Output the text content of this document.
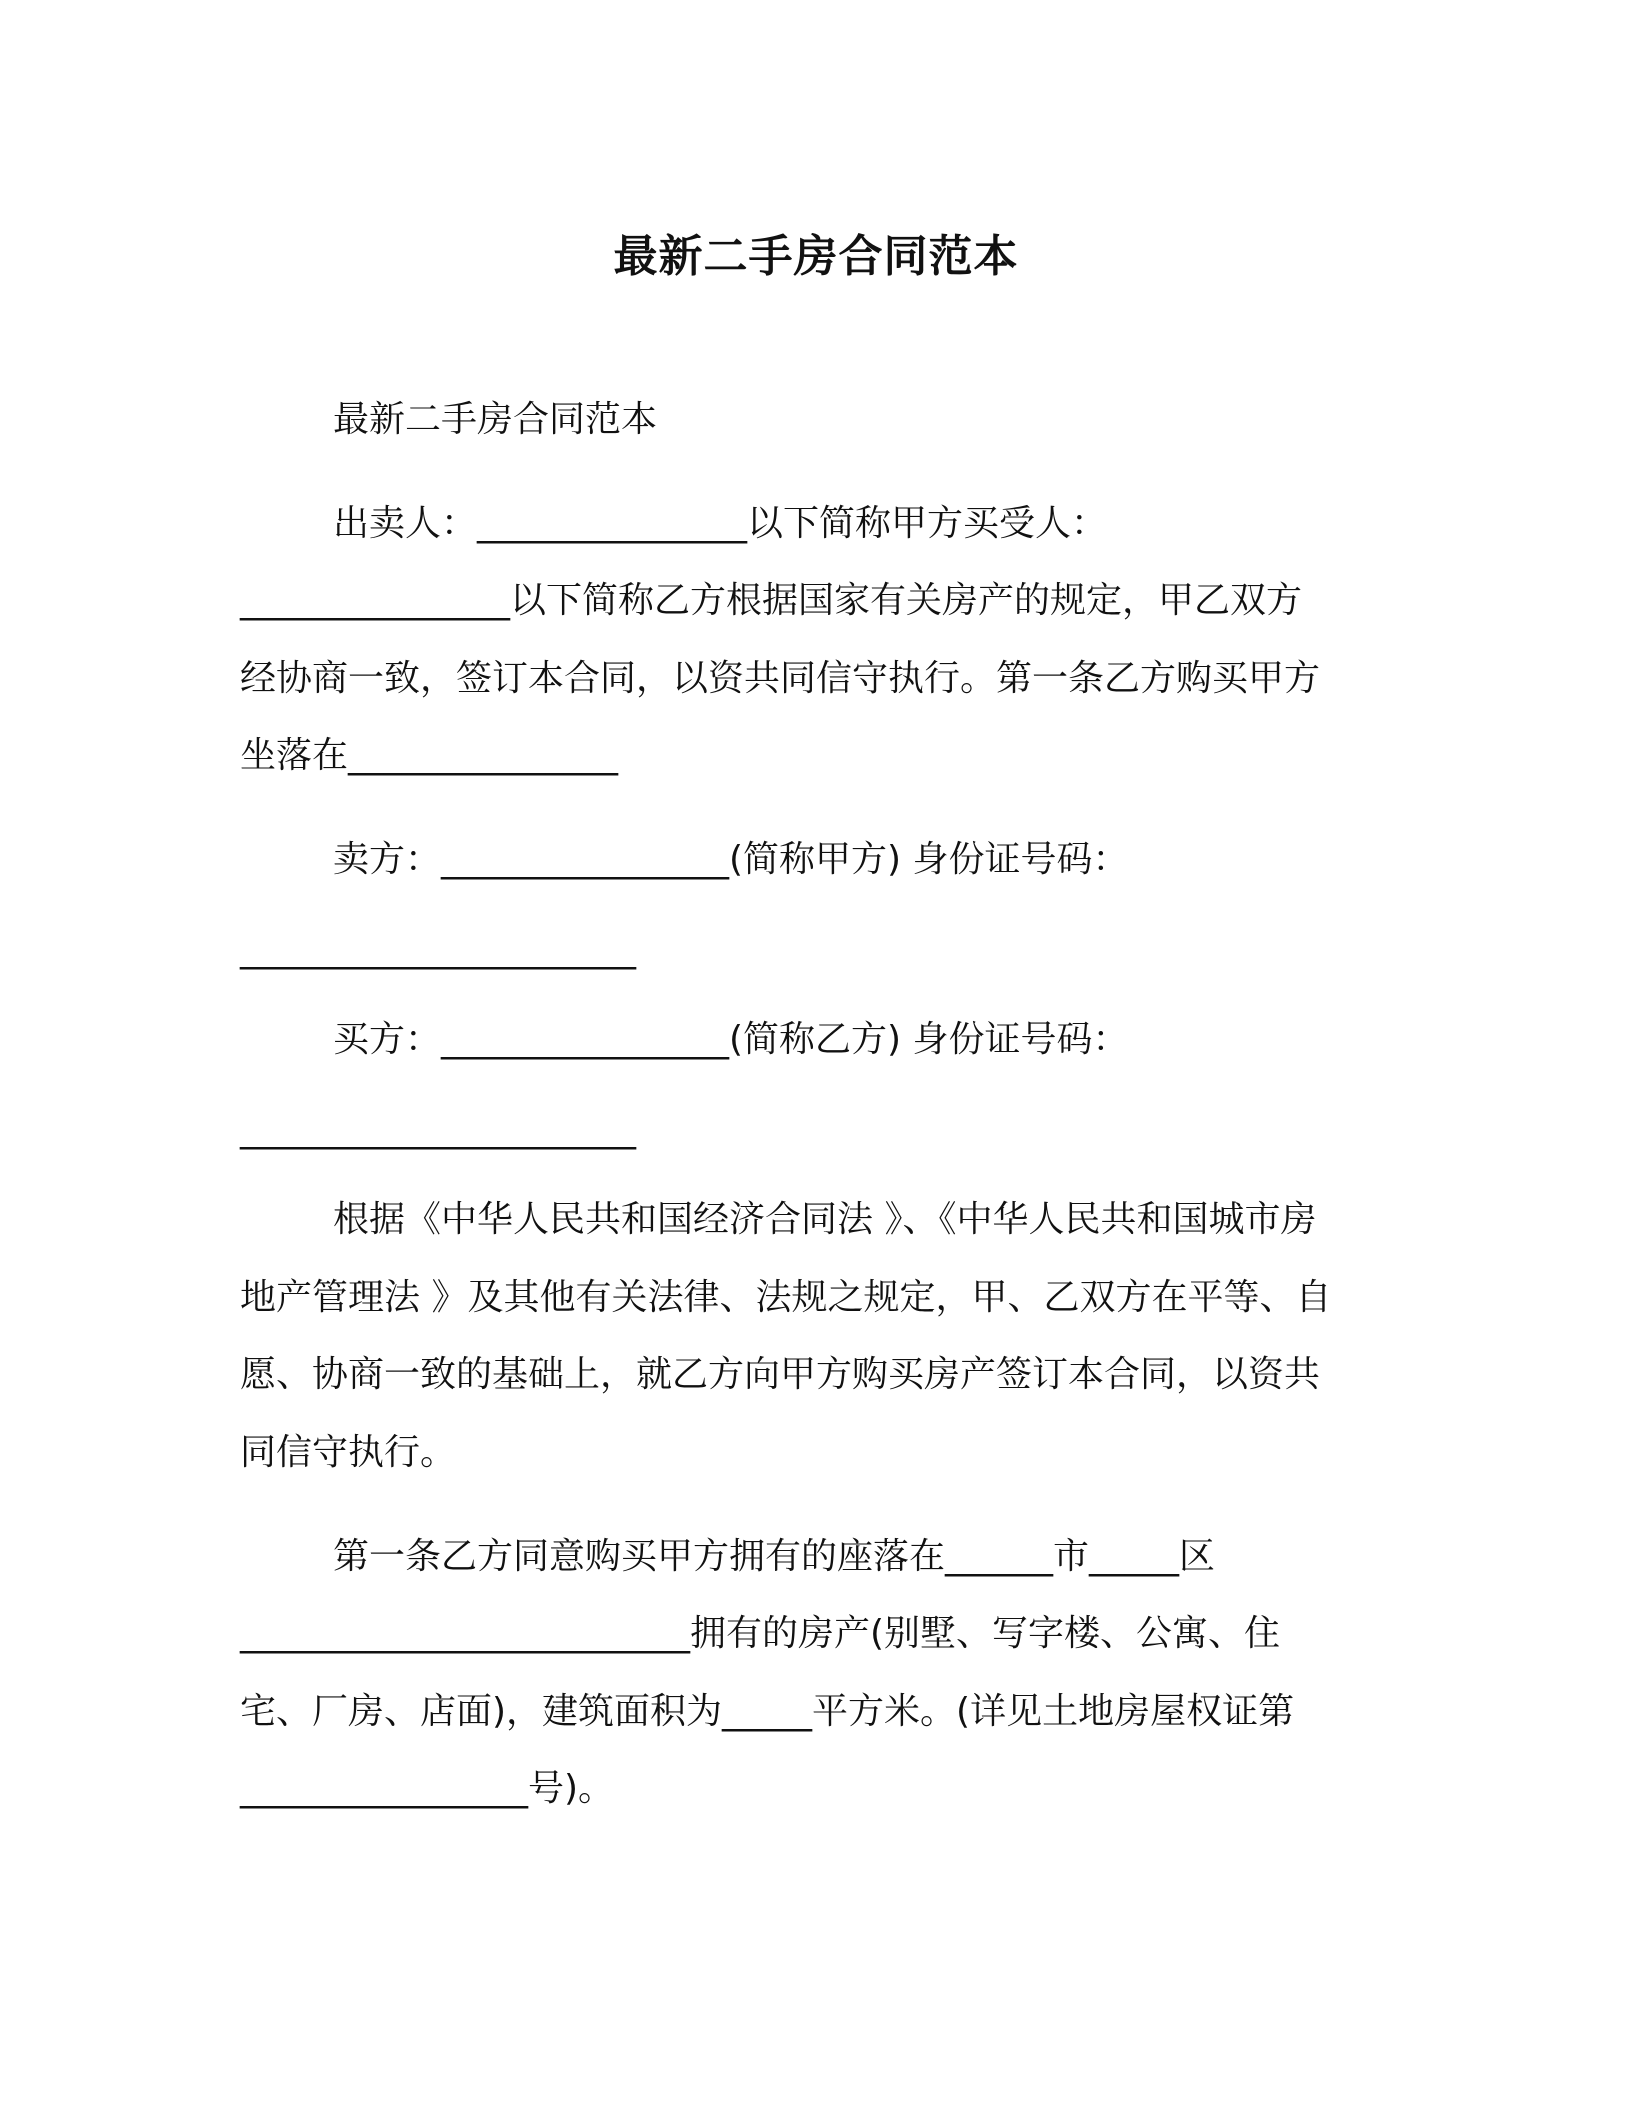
最新二手房合同范本
最新二手房合同范本
出卖人：_______________以下简称甲方买受人：
_______________以下简称乙方根据国家有关房产的规定，甲乙双方
经协商一致，签订本合同，以资共同信守执行。第一条乙方购买甲方
坐落在_______________
卖方：________________(简称甲方) 身份证号码：
______________________
买方：________________(简称乙方) 身份证号码：
______________________
根据《中华人民共和国经济合同法 》、《中华人民共和国城市房
地产管理法 》及其他有关法律、法规之规定，甲、乙双方在平等、自
愿、协商一致的基础上，就乙方向甲方购买房产签订本合同，以资共
同信守执行。
第一条乙方同意购买甲方拥有的座落在______市_____区
_________________________拥有的房产(别墅、写字楼、公寓、住
宅、厂房、店面)，建筑面积为_____平方米。(详见土地房屋权证第
________________号)。
